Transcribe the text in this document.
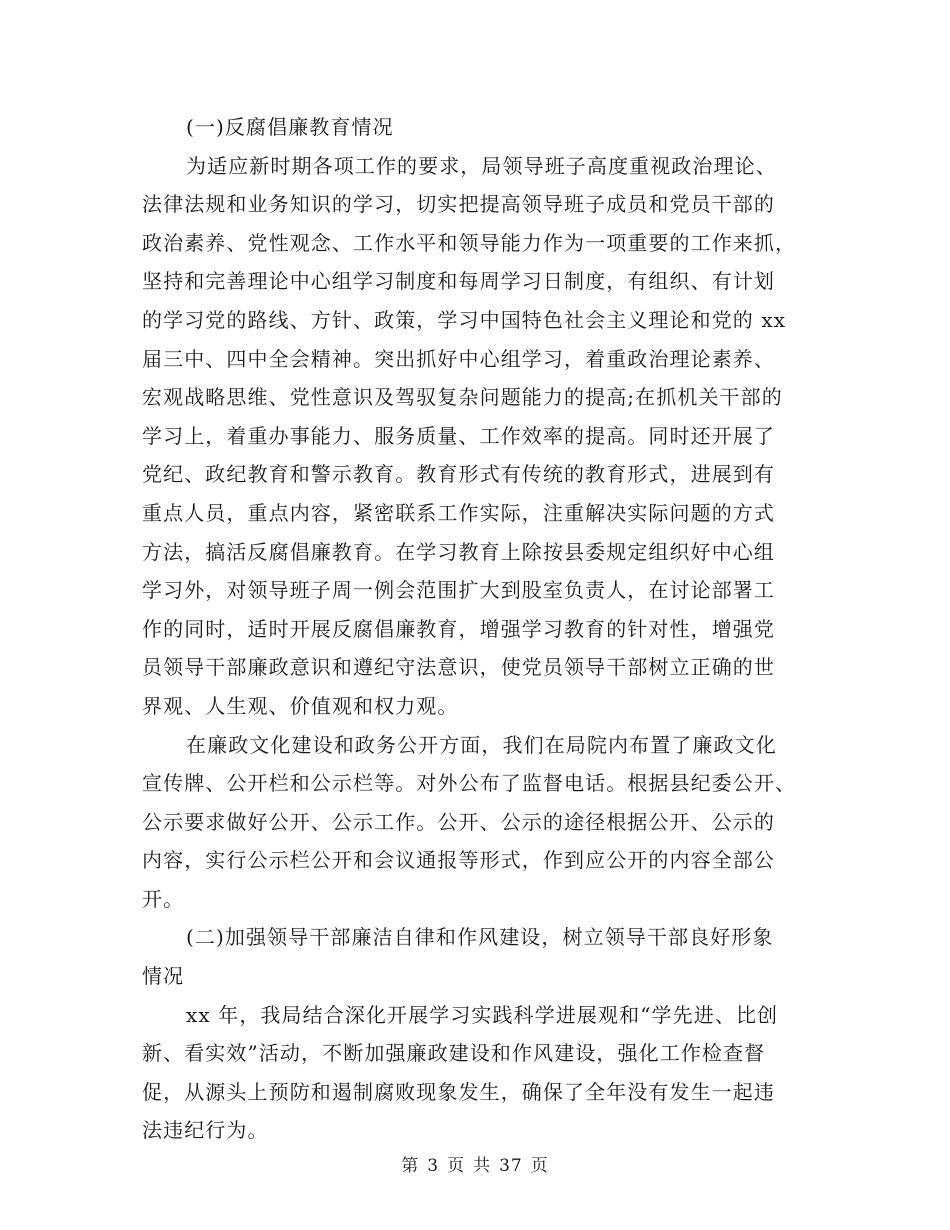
(一)反腐倡廉教育情况
为适应新时期各项工作的要求，局领导班子高度重视政治理论、
法律法规和业务知识的学习，切实把提高领导班子成员和党员干部的
政治素养、党性观念、工作水平和领导能力作为一项重要的工作来抓，
坚持和完善理论中心组学习制度和每周学习日制度，有组织、有计划
的学习党的路线、方针、政策，学习中国特色社会主义理论和党的 xx
届三中、四中全会精神。突出抓好中心组学习，着重政治理论素养、
宏观战略思维、党性意识及驾驭复杂问题能力的提高;在抓机关干部的
学习上，着重办事能力、服务质量、工作效率的提高。同时还开展了
党纪、政纪教育和警示教育。教育形式有传统的教育形式，进展到有
重点人员，重点内容，紧密联系工作实际，注重解决实际问题的方式
方法，搞活反腐倡廉教育。在学习教育上除按县委规定组织好中心组
学习外，对领导班子周一例会范围扩大到股室负责人，在讨论部署工
作的同时，适时开展反腐倡廉教育，增强学习教育的针对性，增强党
员领导干部廉政意识和遵纪守法意识，使党员领导干部树立正确的世
界观、人生观、价值观和权力观。
在廉政文化建设和政务公开方面，我们在局院内布置了廉政文化
宣传牌、公开栏和公示栏等。对外公布了监督电话。根据县纪委公开、
公示要求做好公开、公示工作。公开、公示的途径根据公开、公示的
内容，实行公示栏公开和会议通报等形式，作到应公开的内容全部公
开。
(二)加强领导干部廉洁自律和作风建设，树立领导干部良好形象
情况
xx 年，我局结合深化开展学习实践科学进展观和“学先进、比创
新、看实效”活动，不断加强廉政建设和作风建设，强化工作检查督
促，从源头上预防和遏制腐败现象发生，确保了全年没有发生一起违
法违纪行为。
第 3 页 共 37 页
